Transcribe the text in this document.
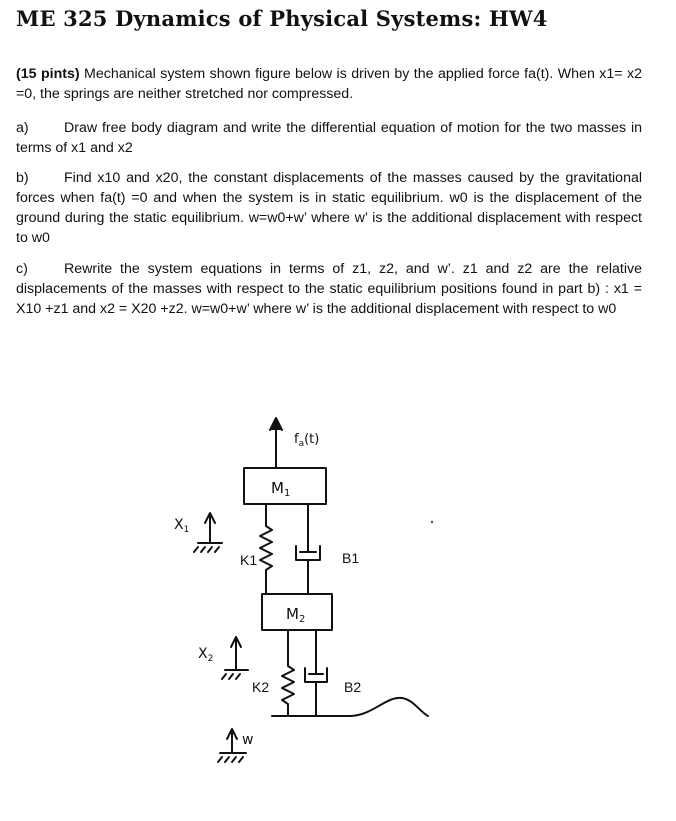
ME 325 Dynamics of Physical Systems: HW4

(15 pints) Mechanical system shown figure below is driven by the applied force fa(t). When x1= x2 =0, the springs are neither stretched nor compressed.

a) Draw free body diagram and write the differential equation of motion for the two masses in terms of x1 and x2

b) Find x10 and x20, the constant displacements of the masses caused by the gravitational forces when fa(t) =0 and when the system is in static equilibrium. w0 is the displacement of the ground during the static equilibrium. w=w0+w’ where w’ is the additional displacement with respect to w0

c)	Rewrite the system equations in terms of z1, z2, and w’. z1 and z2 are the relative displacements of the masses with respect to the static equilibrium positions found in part b) : x1 = X10 +z1 and x2 = X20 +z2. w=w0+w’ where w’ is the additional displacement with respect to w0

$f_a(t)$
$M_1$
$X_1$
K1	B1
$M_2$
$X_2$
K2	B2
w
